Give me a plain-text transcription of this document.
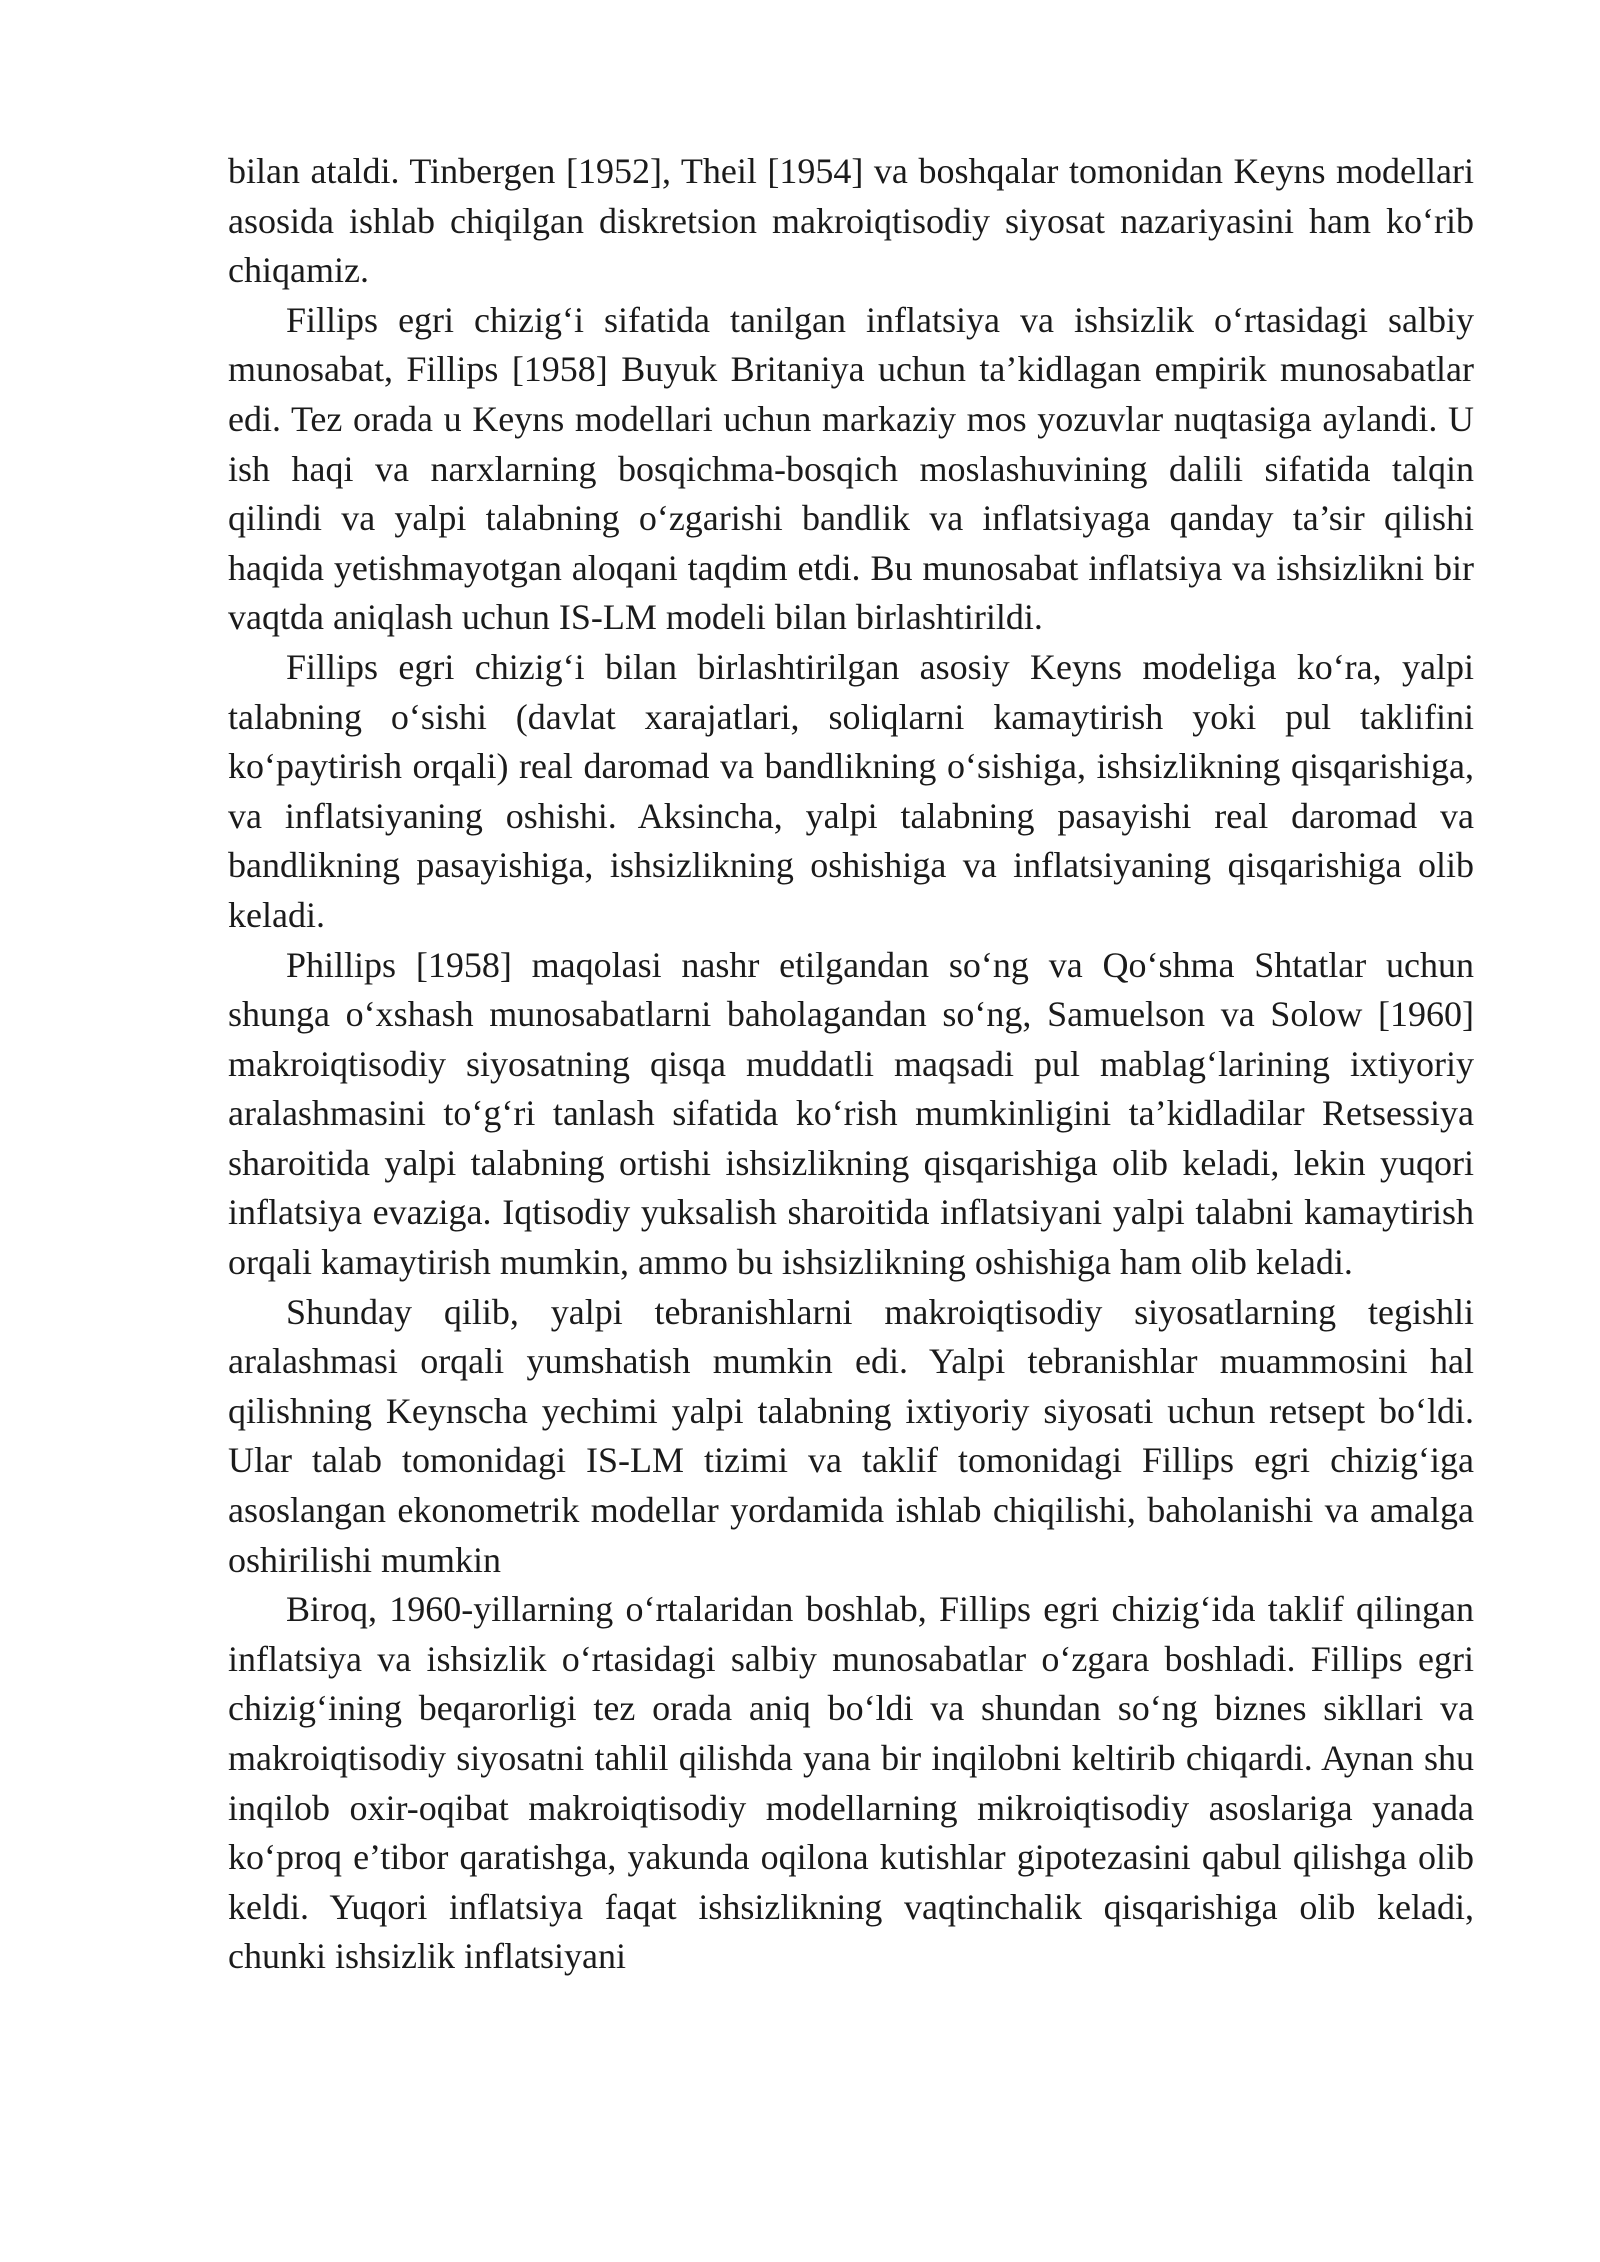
bilan ataldi. Tinbergen [1952], Theil [1954] va boshqalar tomonidan Keyns modellari asosida ishlab chiqilgan diskretsion makroiqtisodiy siyosat nazariyasini ham ko‘rib chiqamiz.

Fillips egri chizig‘i sifatida tanilgan inflatsiya va ishsizlik o‘rtasidagi salbiy munosabat, Fillips [1958] Buyuk Britaniya uchun ta’kidlagan empirik munosabatlar edi. Tez orada u Keyns modellari uchun markaziy mos yozuvlar nuqtasiga aylandi. U ish haqi va narxlarning bosqichma-bosqich moslashuvining dalili sifatida talqin qilindi va yalpi talabning o‘zgarishi bandlik va inflatsiyaga qanday ta’sir qilishi haqida yetishmayotgan aloqani taqdim etdi. Bu munosabat inflatsiya va ishsizlikni bir vaqtda aniqlash uchun IS-LM modeli bilan birlashtirildi.

Fillips egri chizig‘i bilan birlashtirilgan asosiy Keyns modeliga ko‘ra, yalpi talabning o‘sishi (davlat xarajatlari, soliqlarni kamaytirish yoki pul taklifini ko‘paytirish orqali) real daromad va bandlikning o‘sishiga, ishsizlikning qisqarishiga, va inflatsiyaning oshishi. Aksincha, yalpi talabning pasayishi real daromad va bandlikning pasayishiga, ishsizlikning oshishiga va inflatsiyaning qisqarishiga olib keladi.

Phillips [1958] maqolasi nashr etilgandan so‘ng va Qo‘shma Shtatlar uchun shunga o‘xshash munosabatlarni baholagandan so‘ng, Samuelson va Solow [1960] makroiqtisodiy siyosatning qisqa muddatli maqsadi pul mablag‘larining ixtiyoriy aralashmasini to‘g‘ri tanlash sifatida ko‘rish mumkinligini ta’kidladilar Retsessiya sharoitida yalpi talabning ortishi ishsizlikning qisqarishiga olib keladi, lekin yuqori inflatsiya evaziga. Iqtisodiy yuksalish sharoitida inflatsiyani yalpi talabni kamaytirish orqali kamaytirish mumkin, ammo bu ishsizlikning oshishiga ham olib keladi.

Shunday qilib, yalpi tebranishlarni makroiqtisodiy siyosatlarning tegishli aralashmasi orqali yumshatish mumkin edi. Yalpi tebranishlar muammosini hal qilishning Keynscha yechimi yalpi talabning ixtiyoriy siyosati uchun retsept bo‘ldi. Ular talab tomonidagi IS-LM tizimi va taklif tomonidagi Fillips egri chizig‘iga asoslangan ekonometrik modellar yordamida ishlab chiqilishi, baholanishi va amalga oshirilishi mumkin

Biroq, 1960-yillarning o‘rtalaridan boshlab, Fillips egri chizig‘ida taklif qilingan inflatsiya va ishsizlik o‘rtasidagi salbiy munosabatlar o‘zgara boshladi. Fillips egri chizig‘ining beqarorligi tez orada aniq bo‘ldi va shundan so‘ng biznes sikllari va makroiqtisodiy siyosatni tahlil qilishda yana bir inqilobni keltirib chiqardi. Aynan shu inqilob oxir-oqibat makroiqtisodiy modellarning mikroiqtisodiy asoslariga yanada ko‘proq e’tibor qaratishga, yakunda oqilona kutishlar gipotezasini qabul qilishga olib keldi. Yuqori inflatsiya faqat ishsizlikning vaqtinchalik qisqarishiga olib keladi, chunki ishsizlik inflatsiyani
